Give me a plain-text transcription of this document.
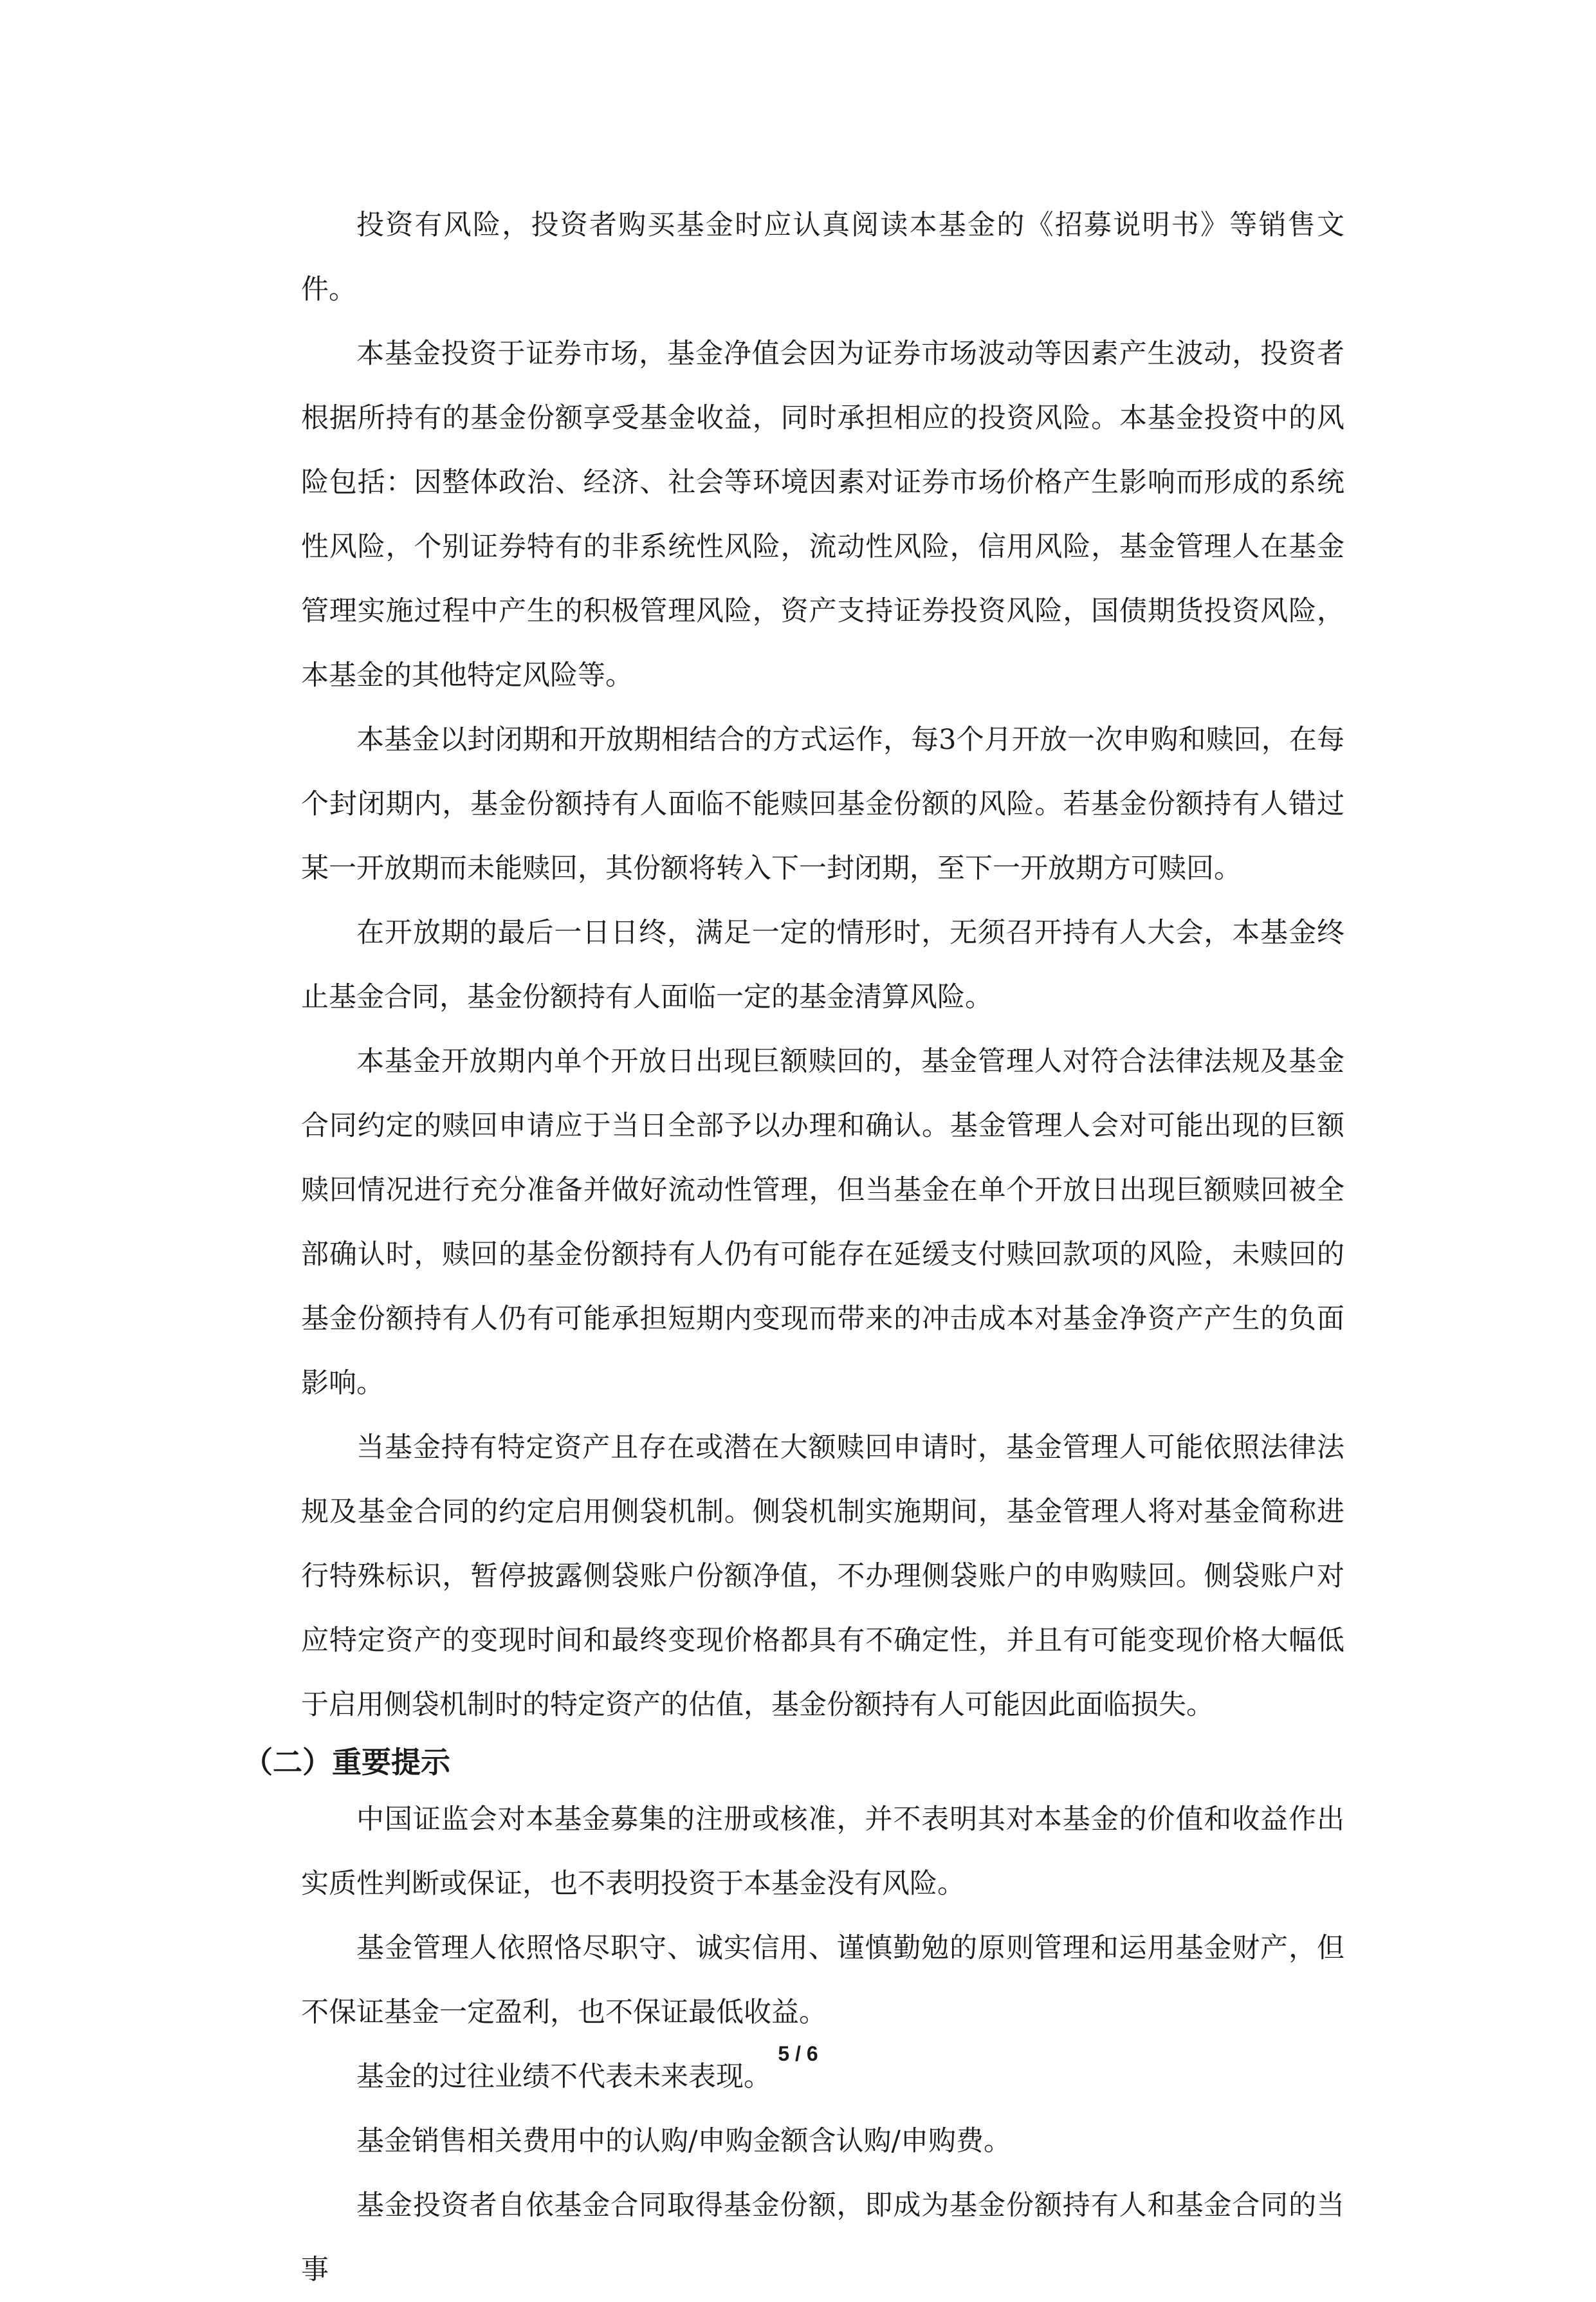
投资有风险，投资者购买基金时应认真阅读本基金的《招募说明书》等销售文件。

本基金投资于证券市场，基金净值会因为证券市场波动等因素产生波动，投资者根据所持有的基金份额享受基金收益，同时承担相应的投资风险。本基金投资中的风险包括：因整体政治、经济、社会等环境因素对证券市场价格产生影响而形成的系统性风险，个别证券特有的非系统性风险，流动性风险，信用风险，基金管理人在基金管理实施过程中产生的积极管理风险，资产支持证券投资风险，国债期货投资风险，本基金的其他特定风险等。

本基金以封闭期和开放期相结合的方式运作，每3个月开放一次申购和赎回，在每个封闭期内，基金份额持有人面临不能赎回基金份额的风险。若基金份额持有人错过某一开放期而未能赎回，其份额将转入下一封闭期，至下一开放期方可赎回。

在开放期的最后一日日终，满足一定的情形时，无须召开持有人大会，本基金终止基金合同，基金份额持有人面临一定的基金清算风险。

本基金开放期内单个开放日出现巨额赎回的，基金管理人对符合法律法规及基金合同约定的赎回申请应于当日全部予以办理和确认。基金管理人会对可能出现的巨额赎回情况进行充分准备并做好流动性管理，但当基金在单个开放日出现巨额赎回被全部确认时，赎回的基金份额持有人仍有可能存在延缓支付赎回款项的风险，未赎回的基金份额持有人仍有可能承担短期内变现而带来的冲击成本对基金净资产产生的负面影响。

当基金持有特定资产且存在或潜在大额赎回申请时，基金管理人可能依照法律法规及基金合同的约定启用侧袋机制。侧袋机制实施期间，基金管理人将对基金简称进行特殊标识，暂停披露侧袋账户份额净值，不办理侧袋账户的申购赎回。侧袋账户对应特定资产的变现时间和最终变现价格都具有不确定性，并且有可能变现价格大幅低于启用侧袋机制时的特定资产的估值，基金份额持有人可能因此面临损失。

（二）重要提示

中国证监会对本基金募集的注册或核准，并不表明其对本基金的价值和收益作出实质性判断或保证，也不表明投资于本基金没有风险。

基金管理人依照恪尽职守、诚实信用、谨慎勤勉的原则管理和运用基金财产，但不保证基金一定盈利，也不保证最低收益。

基金的过往业绩不代表未来表现。

基金销售相关费用中的认购/申购金额含认购/申购费。

基金投资者自依基金合同取得基金份额，即成为基金份额持有人和基金合同的当事

5 / 6
